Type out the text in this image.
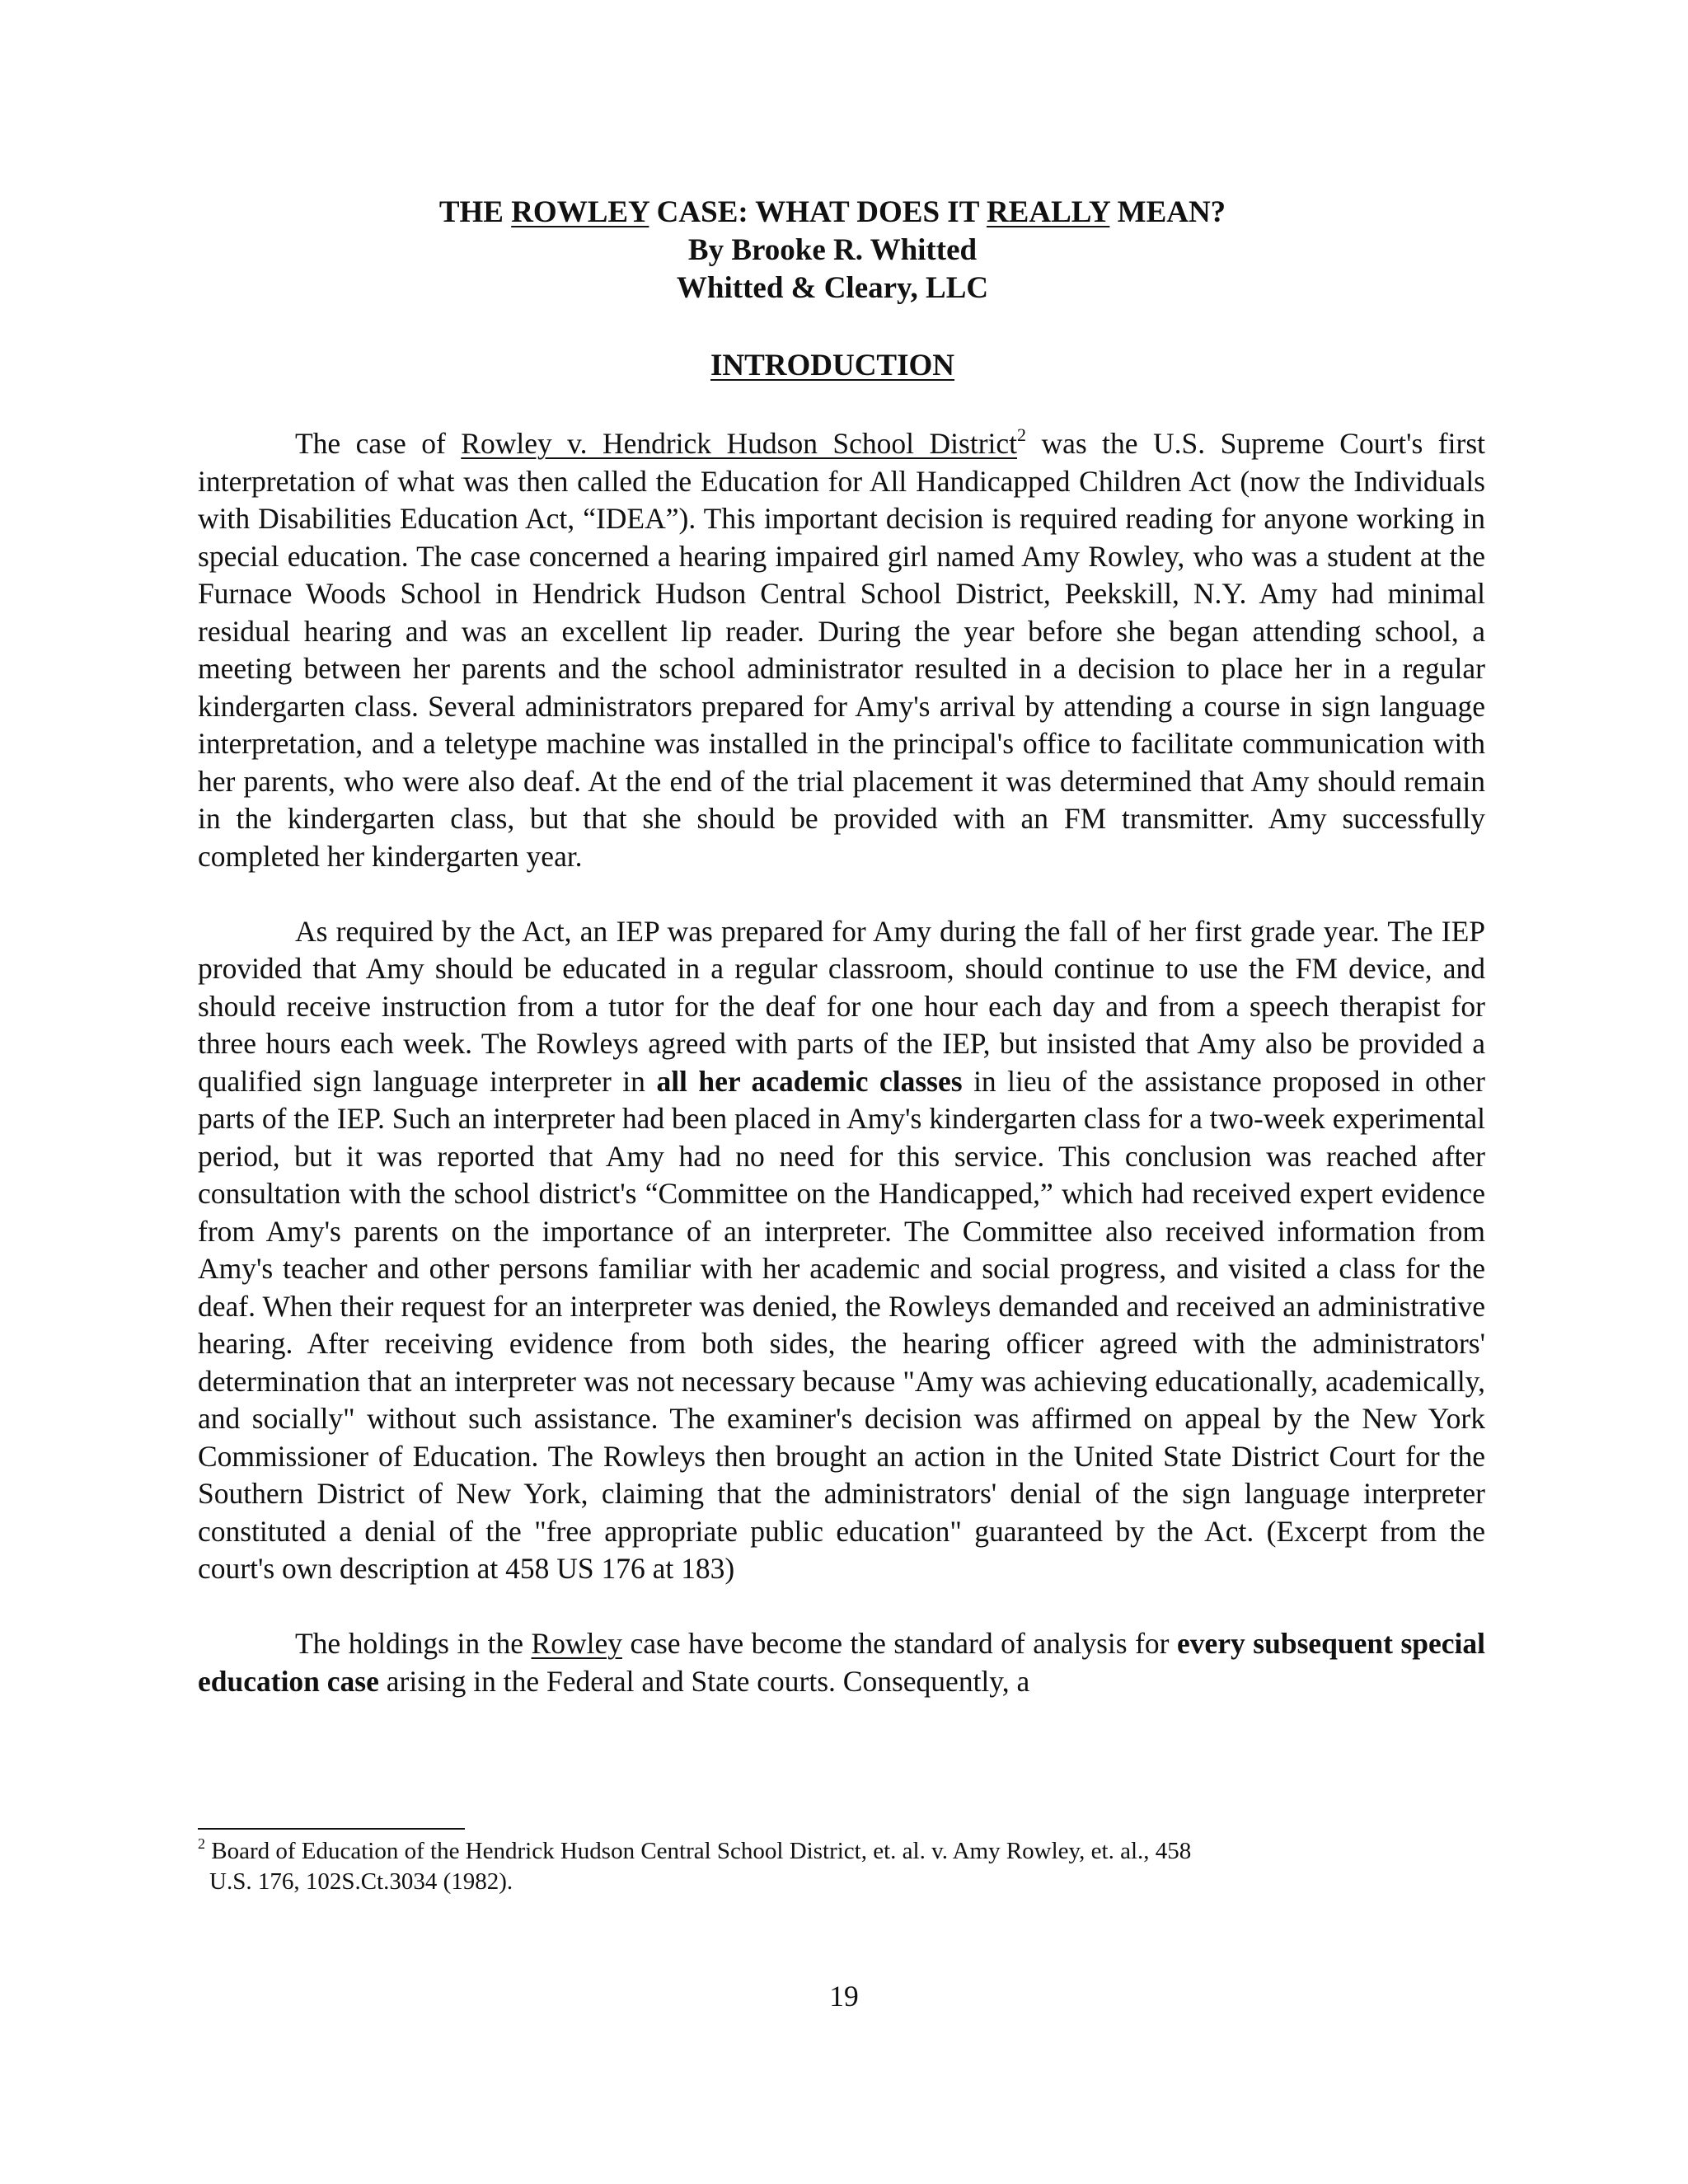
THE ROWLEY CASE: WHAT DOES IT REALLY MEAN?
By Brooke R. Whitted
Whitted & Cleary, LLC
INTRODUCTION

The case of Rowley v. Hendrick Hudson School District$^2$ was the U.S. Supreme Court's first interpretation of what was then called the Education for All Handicapped Children Act (now the Individuals with Disabilities Education Act, “IDEA”). This important decision is required reading for anyone working in special education. The case concerned a hearing impaired girl named Amy Rowley, who was a student at the Furnace Woods School in Hendrick Hudson Central School District, Peekskill, N.Y. Amy had minimal residual hearing and was an excellent lip reader. During the year before she began attending school, a meeting between her parents and the school administrator resulted in a decision to place her in a regular kindergarten class. Several administrators prepared for Amy's arrival by attending a course in sign language interpretation, and a teletype machine was installed in the principal's office to facilitate communication with her parents, who were also deaf. At the end of the trial placement it was determined that Amy should remain in the kindergarten class, but that she should be provided with an FM transmitter. Amy successfully completed her kindergarten year.

As required by the Act, an IEP was prepared for Amy during the fall of her first grade year. The IEP provided that Amy should be educated in a regular classroom, should continue to use the FM device, and should receive instruction from a tutor for the deaf for one hour each day and from a speech therapist for three hours each week. The Rowleys agreed with parts of the IEP, but insisted that Amy also be provided a qualified sign language interpreter in all her academic classes in lieu of the assistance proposed in other parts of the IEP. Such an interpreter had been placed in Amy's kindergarten class for a two-week experimental period, but it was reported that Amy had no need for this service. This conclusion was reached after consultation with the school district's “Committee on the Handicapped,” which had received expert evidence from Amy's parents on the importance of an interpreter. The Committee also received information from Amy's teacher and other persons familiar with her academic and social progress, and visited a class for the deaf. When their request for an interpreter was denied, the Rowleys demanded and received an administrative hearing. After receiving evidence from both sides, the hearing officer agreed with the administrators' determination that an interpreter was not necessary because "Amy was achieving educationally, academically, and socially" without such assistance. The examiner's decision was affirmed on appeal by the New York Commissioner of Education. The Rowleys then brought an action in the United State District Court for the Southern District of New York, claiming that the administrators' denial of the sign language interpreter constituted a denial of the "free appropriate public education" guaranteed by the Act. (Excerpt from the court's own description at 458 US 176 at 183)

The holdings in the Rowley case have become the standard of analysis for every subsequent special education case arising in the Federal and State courts. Consequently, a

$^2$ Board of Education of the Hendrick Hudson Central School District, et. al. v. Amy Rowley, et. al., 458
U.S. 176, 102S.Ct.3034 (1982).
19
